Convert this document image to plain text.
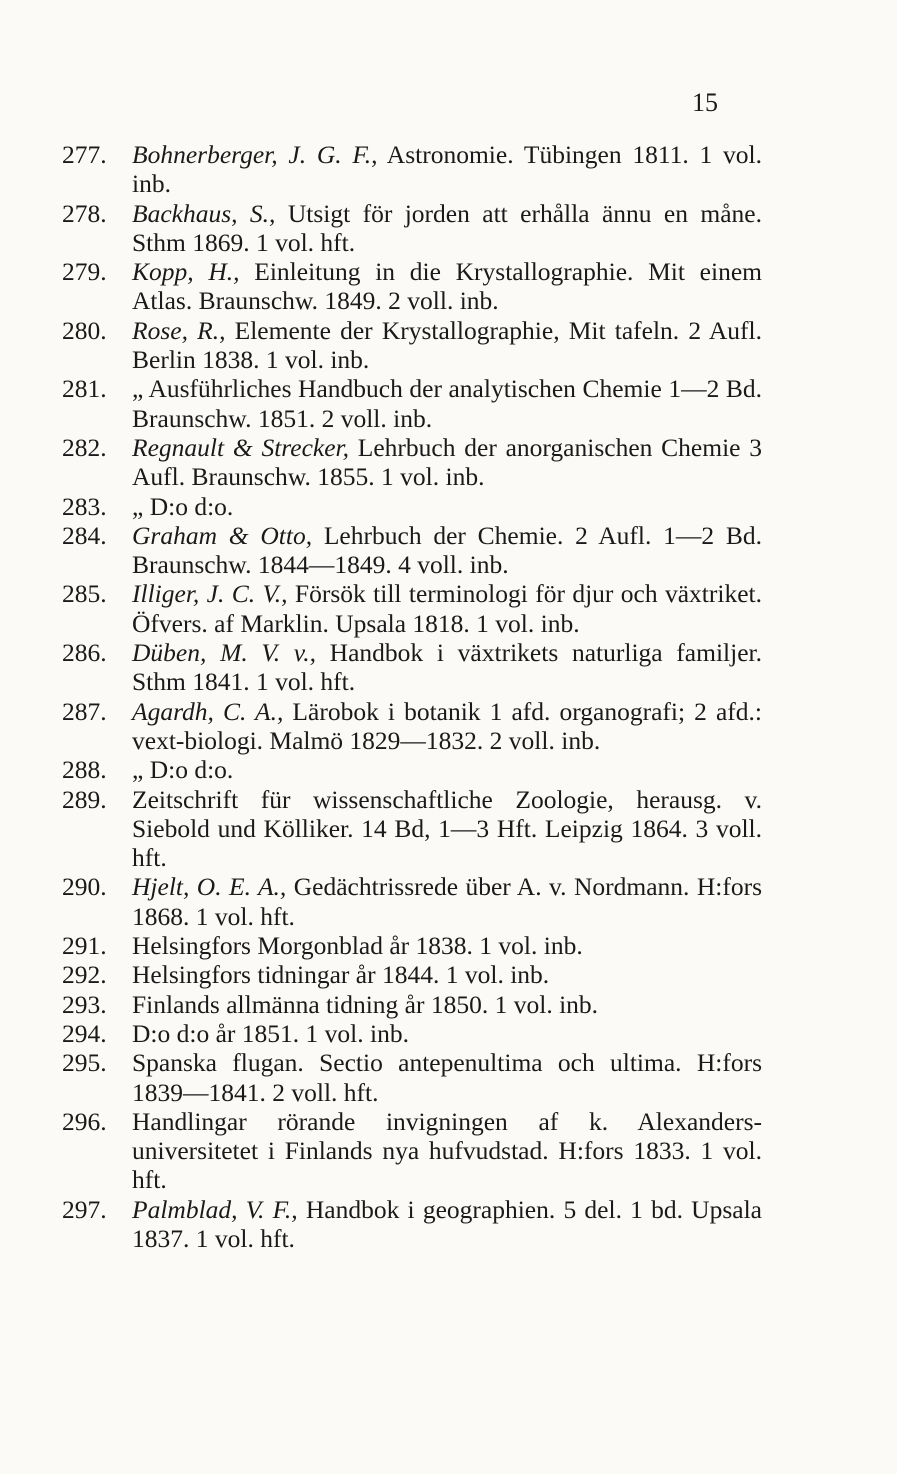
15
277. Bohnerberger, J. G. F., Astronomie. Tübingen 1811. 1 vol. inb.
278. Backhaus, S., Utsigt för jorden att erhålla ännu en måne. Sthm 1869. 1 vol. hft.
279. Kopp, H., Einleitung in die Krystallographie. Mit einem Atlas. Braunschw. 1849. 2 voll. inb.
280. Rose, R., Elemente der Krystallographie, Mit tafeln. 2 Aufl. Berlin 1838. 1 vol. inb.
281. „ Ausführliches Handbuch der analytischen Chemie 1—2 Bd. Braunschw. 1851. 2 voll. inb.
282. Regnault & Strecker, Lehrbuch der anorganischen Chemie 3 Aufl. Braunschw. 1855. 1 vol. inb.
283. „ D:o d:o.
284. Graham & Otto, Lehrbuch der Chemie. 2 Aufl. 1—2 Bd. Braunschw. 1844—1849. 4 voll. inb.
285. Illiger, J. C. V., Försök till terminologi för djur och växtriket. Öfvers. af Marklin. Upsala 1818. 1 vol. inb.
286. Düben, M. V. v., Handbok i växtrikets naturliga familjer. Sthm 1841. 1 vol. hft.
287. Agardh, C. A., Lärobok i botanik 1 afd. organografi; 2 afd.: vext-biologi. Malmö 1829—1832. 2 voll. inb.
288. „ D:o d:o.
289. Zeitschrift für wissenschaftliche Zoologie, herausg. v. Siebold und Kölliker. 14 Bd, 1—3 Hft. Leipzig 1864. 3 voll. hft.
290. Hjelt, O. E. A., Gedächtrissrede über A. v. Nordmann. H:fors 1868. 1 vol. hft.
291. Helsingfors Morgonblad år 1838. 1 vol. inb.
292. Helsingfors tidningar år 1844. 1 vol. inb.
293. Finlands allmänna tidning år 1850. 1 vol. inb.
294. D:o d:o år 1851. 1 vol. inb.
295. Spanska flugan. Sectio antepenultima och ultima. H:fors 1839—1841. 2 voll. hft.
296. Handlingar rörande invigningen af k. Alexanders-universitetet i Finlands nya hufvudstad. H:fors 1833. 1 vol. hft.
297. Palmblad, V. F., Handbok i geographien. 5 del. 1 bd. Upsala 1837. 1 vol. hft.
